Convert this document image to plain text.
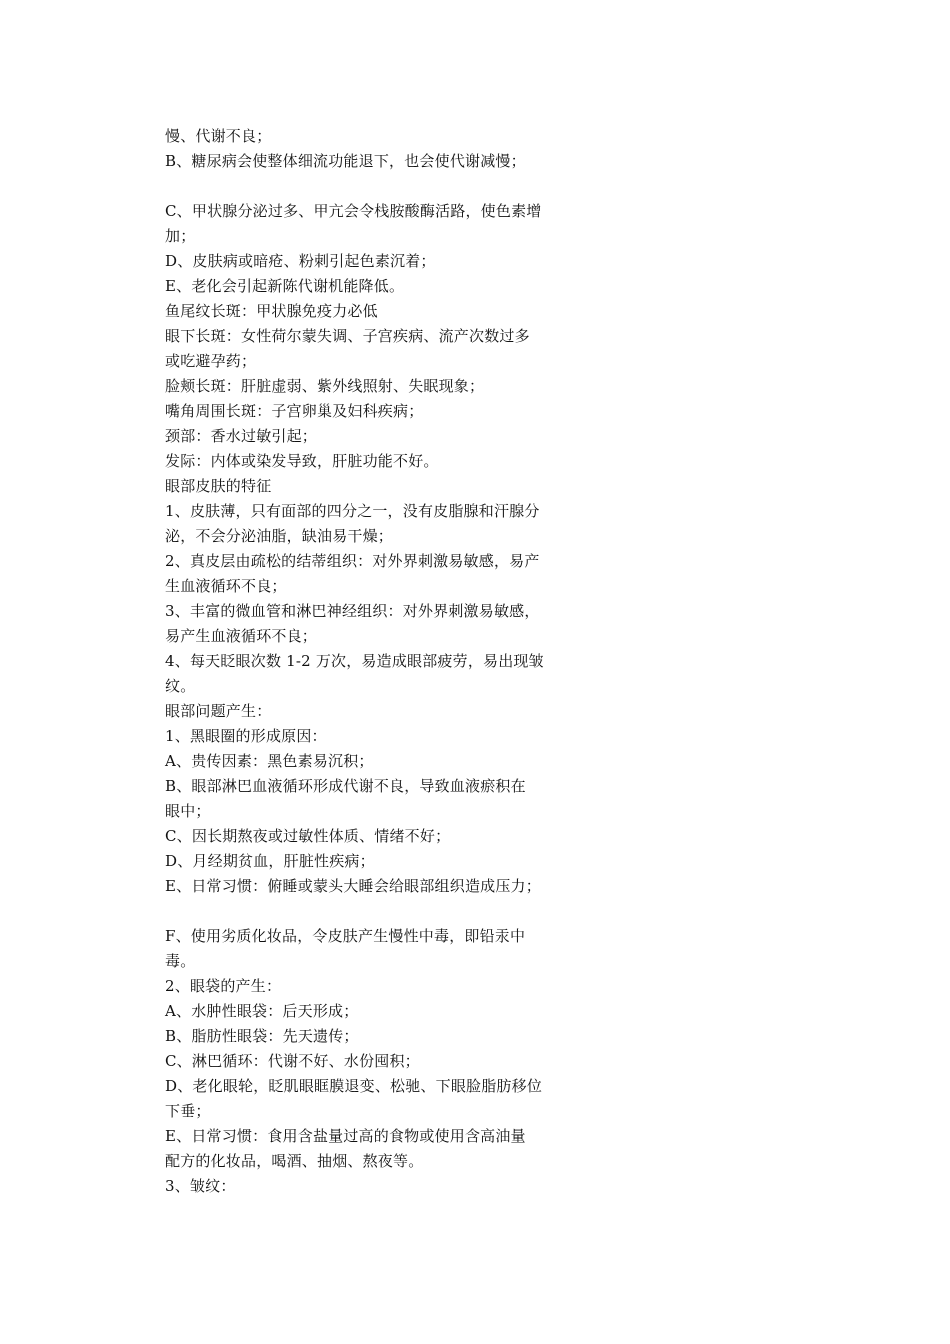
慢、代谢不良；
B、糖尿病会使整体细流功能退下，也会使代谢减慢；
C、甲状腺分泌过多、甲亢会令栈胺酸酶活路，使色素增
加；
D、皮肤病或暗疮、粉刺引起色素沉着；
E、老化会引起新陈代谢机能降低。
鱼尾纹长斑：甲状腺免疫力必低
眼下长斑：女性荷尔蒙失调、子宫疾病、流产次数过多
或吃避孕药；
脸颊长斑：肝脏虚弱、紫外线照射、失眠现象；
嘴角周围长斑：子宫卵巢及妇科疾病；
颈部：香水过敏引起；
发际：内体或染发导致，肝脏功能不好。
眼部皮肤的特征
1、皮肤薄，只有面部的四分之一，没有皮脂腺和汗腺分
泌，不会分泌油脂，缺油易干燥；
2、真皮层由疏松的结蒂组织：对外界刺激易敏感，易产
生血液循环不良；
3、丰富的微血管和淋巴神经组织：对外界刺激易敏感，
易产生血液循环不良；
4、每天眨眼次数 1-2 万次，易造成眼部疲劳，易出现皱
纹。
眼部问题产生：
1、黑眼圈的形成原因：
A、贵传因素：黑色素易沉积；
B、眼部淋巴血液循环形成代谢不良，导致血液瘀积在
眼中；
C、因长期熬夜或过敏性体质、情绪不好；
D、月经期贫血，肝脏性疾病；
E、日常习惯：俯睡或蒙头大睡会给眼部组织造成压力；
F、使用劣质化妆品，令皮肤产生慢性中毒，即铅汞中
毒。
2、眼袋的产生：
A、水肿性眼袋：后天形成；
B、脂肪性眼袋：先天遗传；
C、淋巴循环：代谢不好、水份囤积；
D、老化眼轮，眨肌眼眶膜退变、松驰、下眼脸脂肪移位
下垂；
E、日常习惯：食用含盐量过高的食物或使用含高油量
配方的化妆品，喝酒、抽烟、熬夜等。
3、皱纹：
